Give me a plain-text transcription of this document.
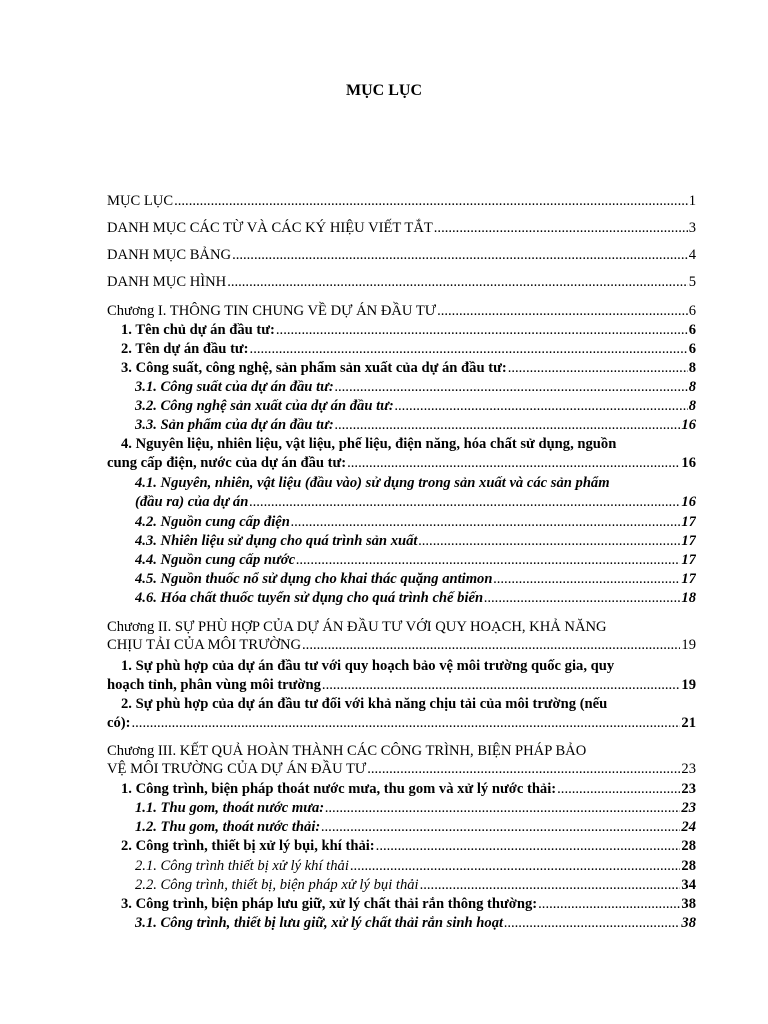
MỤC LỤC
MỤC LỤC .....	1
DANH MỤC CÁC TỪ VÀ CÁC KÝ HIỆU VIẾT TẮT .....	3
DANH MỤC BẢNG .....	4
DANH MỤC HÌNH .....	5
Chương I. THÔNG TIN CHUNG VỀ DỰ ÁN ĐẦU TƯ .....	6
1. Tên chủ dự án đầu tư: .....	6
2. Tên dự án đầu tư: .....	6
3. Công suất, công nghệ, sản phẩm sản xuất của dự án đầu tư: .....	8
3.1. Công suất của dự án đầu tư: .....	8
3.2. Công nghệ sản xuất của dự án đầu tư: .....	8
3.3. Sản phẩm của dự án đầu tư: .....	16
4. Nguyên liệu, nhiên liệu, vật liệu, phế liệu, điện năng, hóa chất sử dụng, nguồn
cung cấp điện, nước của dự án đầu tư: .....	16
4.1. Nguyên, nhiên, vật liệu (đầu vào) sử dụng trong sản xuất và các sản phẩm
(đầu ra) của dự án .....	16
4.2. Nguồn cung cấp điện .....	17
4.3. Nhiên liệu sử dụng cho quá trình sản xuất .....	17
4.4. Nguồn cung cấp nước .....	17
4.5. Nguồn thuốc nổ sử dụng cho khai thác quặng antimon .....	17
4.6. Hóa chất thuốc tuyển sử dụng cho quá trình chế biến .....	18
Chương II. SỰ PHÙ HỢP CỦA DỰ ÁN ĐẦU TƯ VỚI QUY HOẠCH, KHẢ NĂNG
CHỊU TẢI CỦA MÔI TRƯỜNG .....	19
1. Sự phù hợp của dự án đầu tư với quy hoạch bảo vệ môi trường quốc gia, quy
hoạch tỉnh, phân vùng môi trường .....	19
2. Sự phù hợp của dự án đầu tư đối với khả năng chịu tải của môi trường (nếu
có): .....	21
Chương III. KẾT QUẢ HOÀN THÀNH CÁC CÔNG TRÌNH, BIỆN PHÁP BẢO
VỆ MÔI TRƯỜNG CỦA DỰ ÁN ĐẦU TƯ .....	23
1. Công trình, biện pháp thoát nước mưa, thu gom và xử lý nước thải: .....	23
1.1. Thu gom, thoát nước mưa: .....	23
1.2. Thu gom, thoát nước thải: .....	24
2. Công trình, thiết bị xử lý bụi, khí thải: .....	28
2.1. Công trình thiết bị xử lý khí thải .....	28
2.2. Công trình, thiết bị, biện pháp xử lý bụi thải .....	34
3. Công trình, biện pháp lưu giữ, xử lý chất thải rắn thông thường: .....	38
3.1. Công trình, thiết bị lưu giữ, xử lý chất thải rắn sinh hoạt .....	38
